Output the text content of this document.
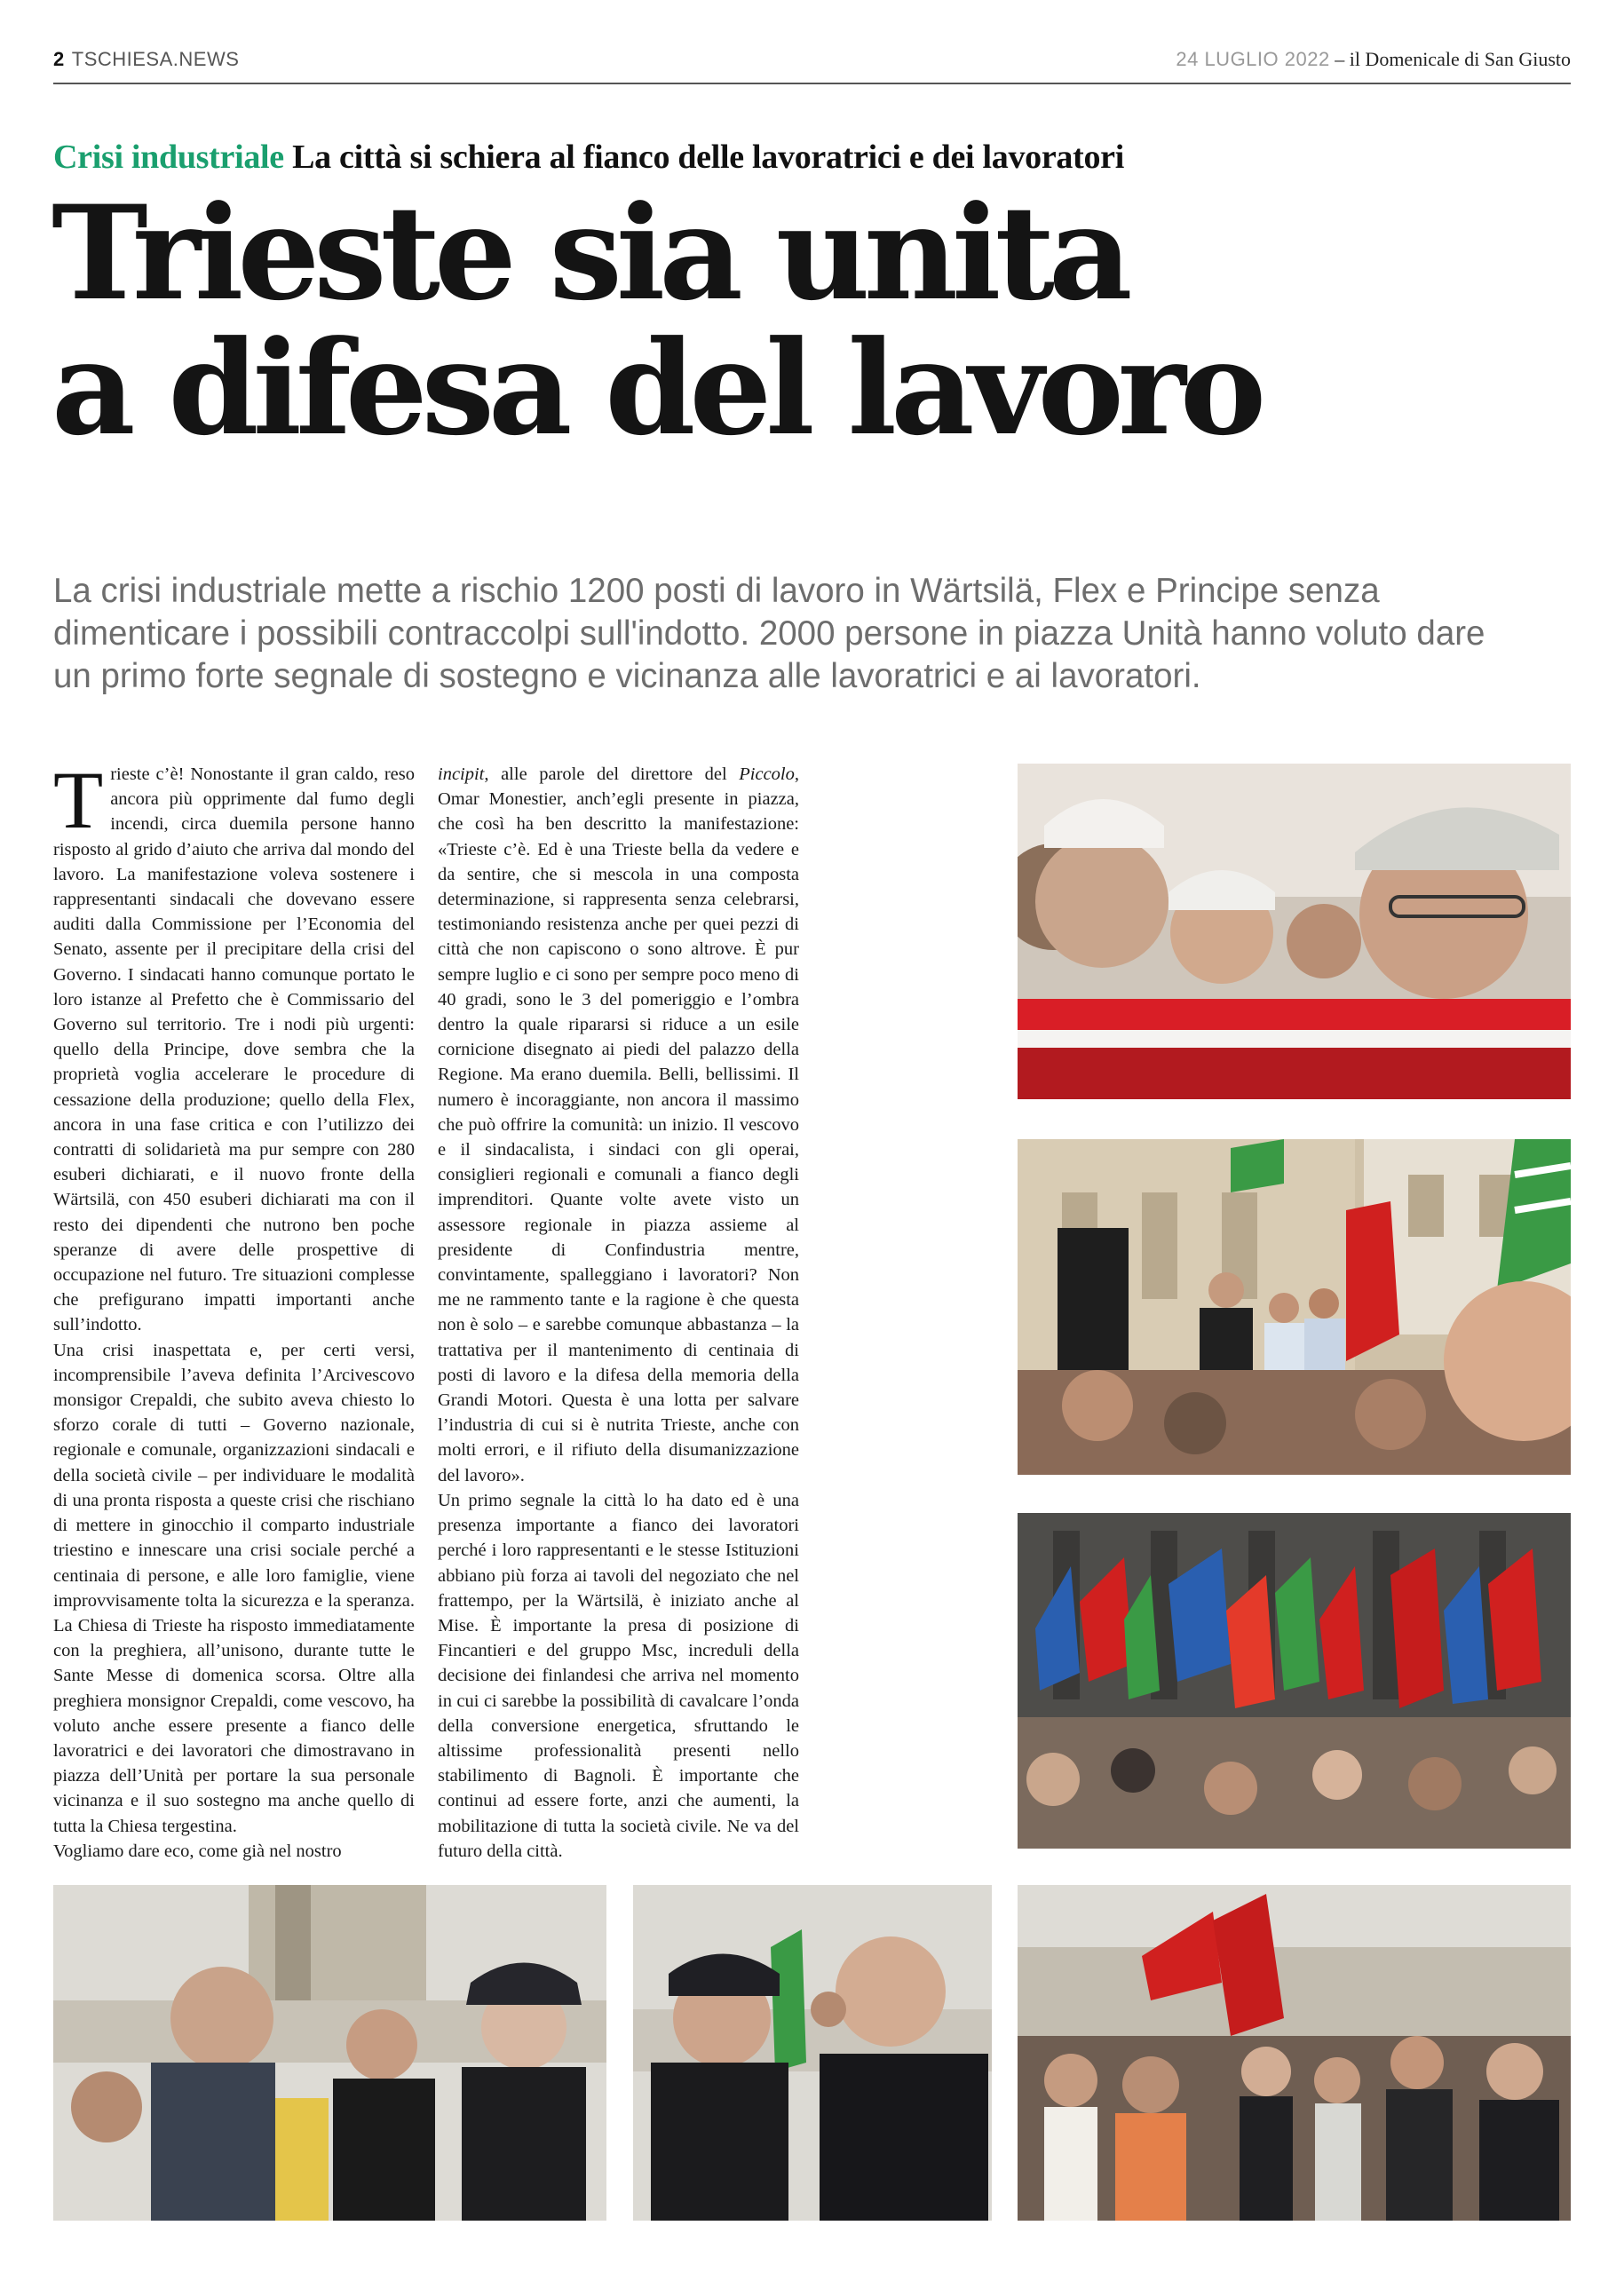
2 TSCHIESA.NEWS	24 LUGLIO 2022 – il Domenicale di San Giusto
Crisi industriale La città si schiera al fianco delle lavoratrici e dei lavoratori
Trieste sia unita
a difesa del lavoro
La crisi industriale mette a rischio 1200 posti di lavoro in Wärtsilä, Flex e Principe senza dimenticare i possibili contraccolpi sull'indotto. 2000 persone in piazza Unità hanno voluto dare un primo forte segnale di sostegno e vicinanza alle lavoratrici e ai lavoratori.

Trieste c’è! Nonostante il gran caldo, reso ancora più opprimente dal fumo degli incendi, circa duemila persone hanno risposto al grido d’aiuto che arriva dal mondo del lavoro. La manifestazione voleva sostenere i rappresentanti sindacali che dovevano essere auditi dalla Commissione per l’Economia del Senato, assente per il precipitare della crisi del Governo. I sindacati hanno comunque portato le loro istanze al Prefetto che è Commissario del Governo sul territorio. Tre i nodi più urgenti: quello della Principe, dove sembra che la proprietà voglia accelerare le procedure di cessazione della produzione; quello della Flex, ancora in una fase critica e con l’utilizzo dei contratti di solidarietà ma pur sempre con 280 esuberi dichiarati, e il nuovo fronte della Wärtsilä, con 450 esuberi dichiarati ma con il resto dei dipendenti che nutrono ben poche speranze di avere delle prospettive di occupazione nel futuro. Tre situazioni complesse che prefigurano impatti importanti anche sull’indotto.

Una crisi inaspettata e, per certi versi, incomprensibile l’aveva definita l’Arcivescovo monsigor Crepaldi, che subito aveva chiesto lo sforzo corale di tutti – Governo nazionale, regionale e comunale, organizzazioni sindacali e della società civile – per individuare le modalità di una pronta risposta a queste crisi che rischiano di mettere in ginocchio il comparto industriale triestino e innescare una crisi sociale perché a centinaia di persone, e alle loro famiglie, viene improvvisamente tolta la sicurezza e la speranza. La Chiesa di Trieste ha risposto immediatamente con la preghiera, all’unisono, durante tutte le Sante Messe di domenica scorsa. Oltre alla preghiera monsignor Crepaldi, come vescovo, ha voluto anche essere presente a fianco delle lavoratrici e dei lavoratori che dimostravano in piazza dell’Unità per portare la sua personale vicinanza e il suo sostegno ma anche quello di tutta la Chiesa tergestina.

Vogliamo dare eco, come già nel nostro

incipit, alle parole del direttore del Piccolo, Omar Monestier, anch’egli presente in piazza, che così ha ben descritto la manifestazione: «Trieste c’è. Ed è una Trieste bella da vedere e da sentire, che si mescola in una composta determinazione, si rappresenta senza celebrarsi, testimoniando resistenza anche per quei pezzi di città che non capiscono o sono altrove. È pur sempre luglio e ci sono per sempre poco meno di 40 gradi, sono le 3 del pomeriggio e l’ombra dentro la quale ripararsi si riduce a un esile cornicione disegnato ai piedi del palazzo della Regione. Ma erano duemila. Belli, bellissimi. Il numero è incoraggiante, non ancora il massimo che può offrire la comunità: un inizio. Il vescovo e il sindacalista, i sindaci con gli operai, consiglieri regionali e comunali a fianco degli imprenditori. Quante volte avete visto un assessore regionale in piazza assieme al presidente di Confindustria mentre, convintamente, spalleggiano i lavoratori? Non me ne rammento tante e la ragione è che questa non è solo – e sarebbe comunque abbastanza – la trattativa per il mantenimento di centinaia di posti di lavoro e la difesa della memoria della Grandi Motori. Questa è una lotta per salvare l’industria di cui si è nutrita Trieste, anche con molti errori, e il rifiuto della disumanizzazione del lavoro».

Un primo segnale la città lo ha dato ed è una presenza importante a fianco dei lavoratori perché i loro rappresentanti e le stesse Istituzioni abbiano più forza ai tavoli del negoziato che nel frattempo, per la Wärtsilä, è iniziato anche al Mise. È importante la presa di posizione di Fincantieri e del gruppo Msc, increduli della decisione dei finlandesi che arriva nel momento in cui ci sarebbe la possibilità di cavalcare l’onda della conversione energetica, sfruttando le altissime professionalità presenti nello stabilimento di Bagnoli. È importante che continui ad essere forte, anzi che aumenti, la mobilitazione di tutta la società civile. Ne va del futuro della città.
